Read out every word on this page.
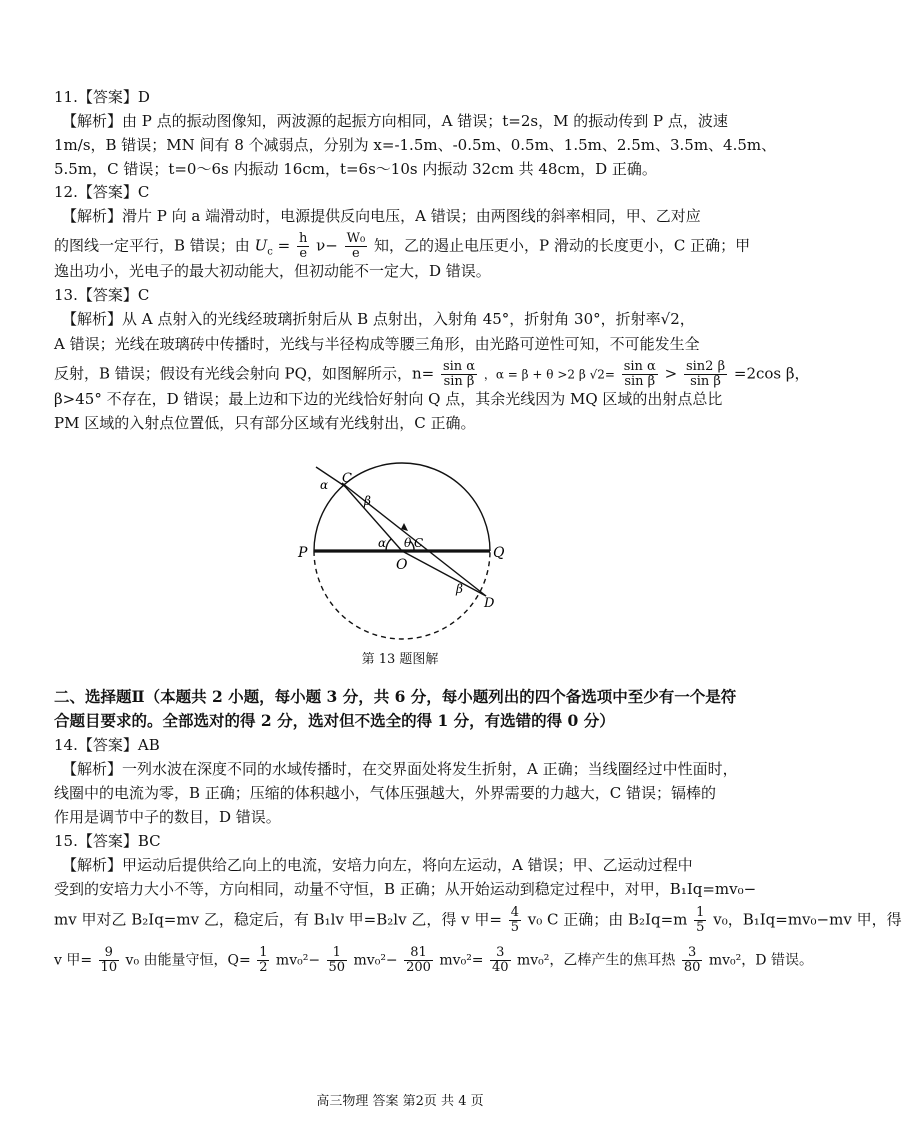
11.【答案】D
【解析】由 P 点的振动图像知，两波源的起振方向相同，A 错误；t=2s，M 的振动传到 P 点，波速
1m/s，B 错误；MN 间有 8 个减弱点，分别为 x=-1.5m、-0.5m、0.5m、1.5m、2.5m、3.5m、4.5m、
5.5m，C 错误；t=0～6s 内振动 16cm，t=6s～10s 内振动 32cm 共 48cm，D 正确。
12.【答案】C
【解析】滑片 P 向 a 端滑动时，电源提供反向电压，A 错误；由两图线的斜率相同，甲、乙对应
的图线一定平行，B 错误；由 $U_c = \frac{h}{e} \nu- \frac{\text{W₀}}{e}$ 知，乙的遏止电压更小，P 滑动的长度更小，C 正确；甲
逸出功小，光电子的最大初动能大，但初动能不一定大，D 错误。
13.【答案】C
【解析】从 A 点射入的光线经玻璃折射后从 B 点射出，入射角 45°，折射角 30°，折射率√2，
A 错误；光线在玻璃砖中传播时，光线与半径构成等腰三角形，由光路可逆性可知，不可能发生全
反射，B 错误；假设有光线会射向 PQ，如图解所示，$n= \frac{\text{sin α}}{\text{sin β}}$ ，α = β + θ >2 β $√2= \frac{\text{sin α}}{\text{sin β}} > \frac{\sin 2 \beta}{\text{sin β}} =2\cos$ β，
β>45° 不存在，D 错误；最上边和下边的光线恰好射向 Q 点，其余光线因为 MQ 区域的出射点总比
PM 区域的入射点位置低，只有部分区域有光线射出，C 正确。
α C
β
P	Q
O
α θ C
β
D
第 13 题图解
二、选择题Ⅱ（本题共 2 小题，每小题 3 分，共 6 分，每小题列出的四个备选项中至少有一个是符
合题目要求的。全部选对的得 2 分，选对但不选全的得 1 分，有选错的得 0 分）
14.【答案】AB
【解析】一列水波在深度不同的水域传播时，在交界面处将发生折射，A 正确；当线圈经过中性面时，
线圈中的电流为零，B 正确；压缩的体积越小，气体压强越大，外界需要的力越大，C 错误；镉棒的
作用是调节中子的数目，D 错误。
15.【答案】BC
【解析】甲运动后提供给乙向上的电流，安培力向左，将向左运动，A 错误；甲、乙运动过程中
受到的安培力大小不等，方向相同，动量不守恒，B 正确；从开始运动到稳定过程中，对甲，B₁Iq=mv₀−
mv 甲对乙 B₂Iq=mv 乙，稳定后，有 B₁lv 甲=B₂lv 乙，得 v 甲= $\frac{4}{5} v_0$ C 正确；由 $B_2Iq=m \frac{1}{5} v_0$，B₁Iq=mv₀−mv 甲，得
v 甲= $\frac{9}{10} v_0$ 由能量守恒，$Q= \frac{1}{2} mv_0^2- \frac{1}{50} mv_0^2- \frac{81}{200} mv_0^2= \frac{3}{40} mv_0^2$，乙棒产生的焦耳热 $\frac{3}{80} mv_0^2$，D 错误。
高三物理 答案 第2页 共 4 页
